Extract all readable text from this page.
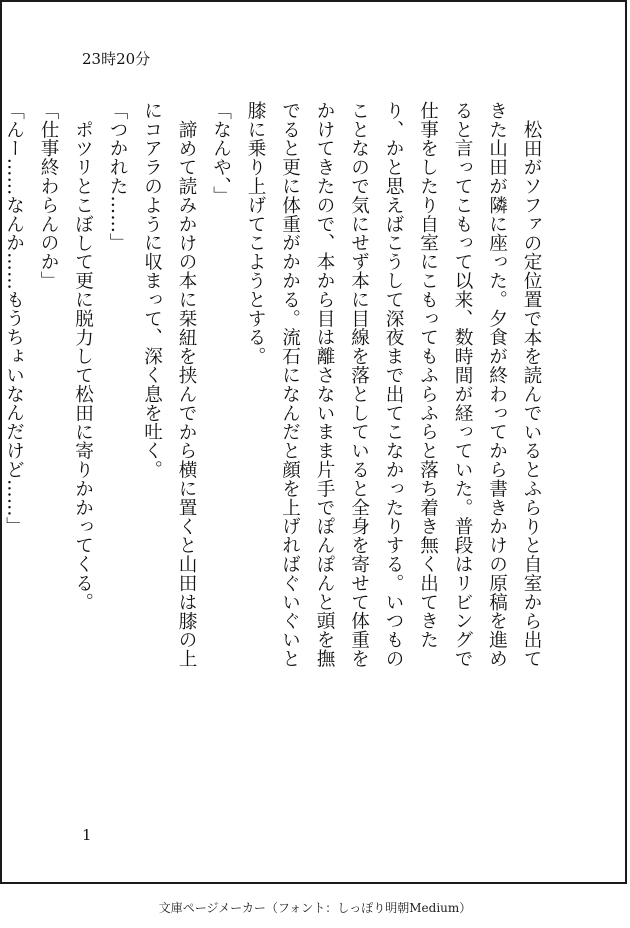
23時20分

松田がソファの定位置で本を読んでいるとふらりと自室から出てきた山田が隣に座った。夕食が終わってから書きかけの原稿を進めると言ってこもって以来、数時間が経っていた。普段はリビングで仕事をしたり自室にこもってもふらふらと落ち着き無く出てきたり、かと思えばこうして深夜まで出てこなかったりする。いつものことなので気にせず本に目線を落としていると全身を寄せて体重をかけてきたので、本から目は離さないまま片手でぽんぽんと頭を撫でると更に体重がかかる。流石になんだと顔を上げればぐいぐいと膝に乗り上げてこようとする。

「なんや、」

諦めて読みかけの本に栞紐を挟んでから横に置くと山田は膝の上にコアラのように収まって、深く息を吐く。

「つかれた……」

ポツリとこぼして更に脱力して松田に寄りかかってくる。

「仕事終わらんのか」

「んー……なんか……もうちょいなんだけど……」

1
文庫ページメーカー（フォント：しっぽり明朝Medium）
